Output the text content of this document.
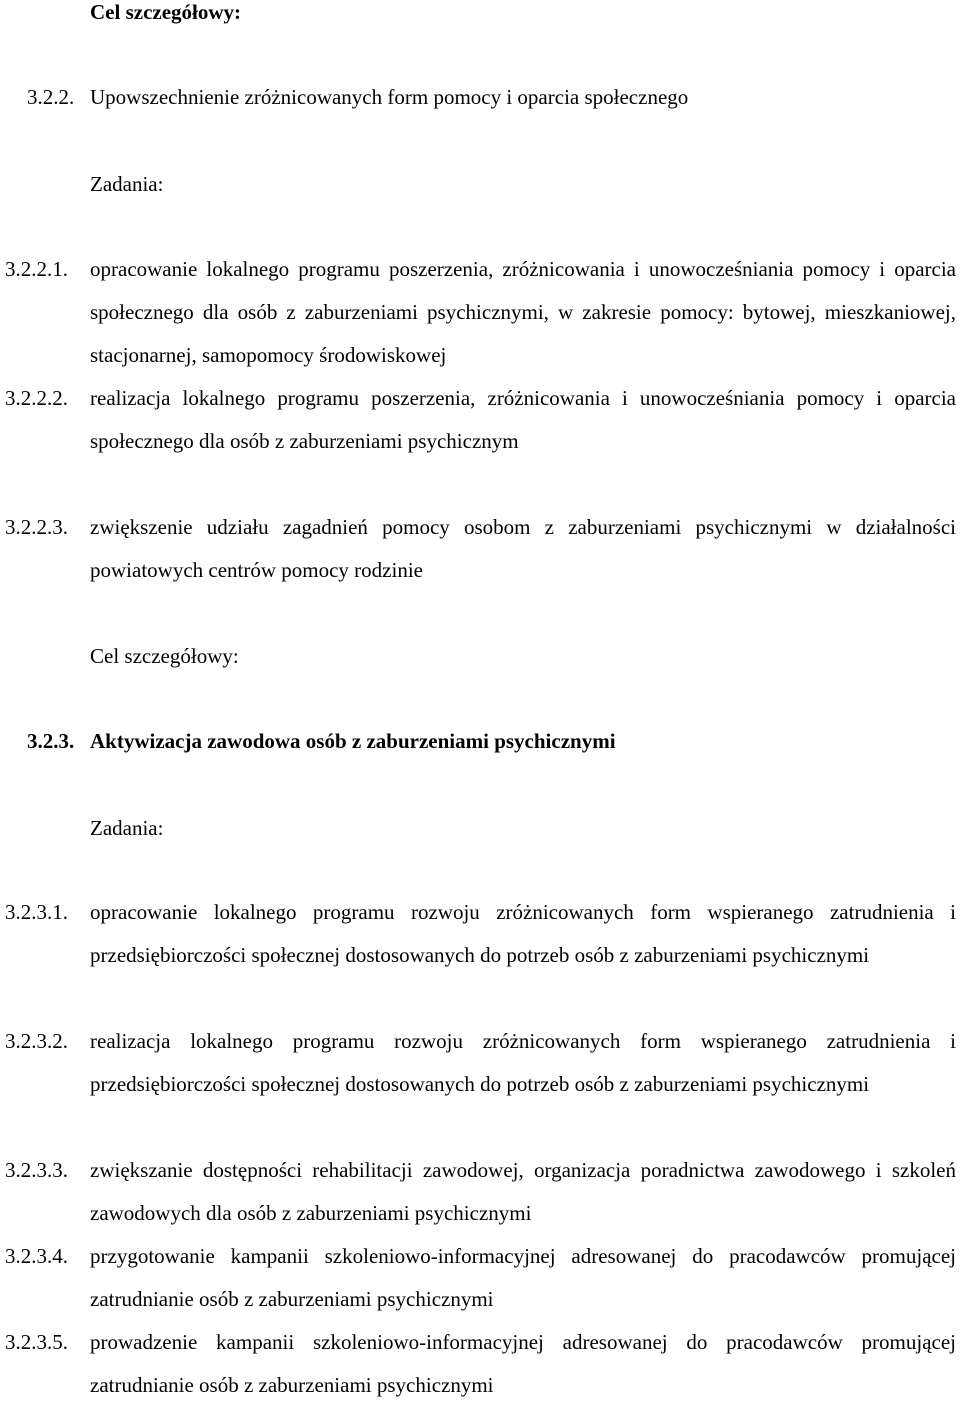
Cel szczegółowy:
3.2.2. Upowszechnienie zróżnicowanych form pomocy i oparcia społecznego
Zadania:
3.2.2.1. opracowanie lokalnego programu poszerzenia, zróżnicowania i unowocześniania pomocy i oparcia społecznego dla osób z zaburzeniami psychicznymi, w zakresie pomocy: bytowej, mieszkaniowej, stacjonarnej, samopomocy środowiskowej
3.2.2.2. realizacja lokalnego programu poszerzenia, zróżnicowania i unowocześniania pomocy i oparcia społecznego dla osób z zaburzeniami psychicznym
3.2.2.3. zwiększenie udziału zagadnień pomocy osobom z zaburzeniami psychicznymi w działalności powiatowych centrów pomocy rodzinie
Cel szczegółowy:
3.2.3. Aktywizacja zawodowa osób z zaburzeniami psychicznymi
Zadania:
3.2.3.1. opracowanie lokalnego programu rozwoju zróżnicowanych form wspieranego zatrudnienia i przedsiębiorczości społecznej dostosowanych do potrzeb osób z zaburzeniami psychicznymi
3.2.3.2. realizacja lokalnego programu rozwoju zróżnicowanych form wspieranego zatrudnienia i przedsiębiorczości społecznej dostosowanych do potrzeb osób z zaburzeniami psychicznymi
3.2.3.3. zwiększanie dostępności rehabilitacji zawodowej, organizacja poradnictwa zawodowego i szkoleń zawodowych dla osób z zaburzeniami psychicznymi
3.2.3.4. przygotowanie kampanii szkoleniowo-informacyjnej adresowanej do pracodawców promującej zatrudnianie osób z zaburzeniami psychicznymi
3.2.3.5. prowadzenie kampanii szkoleniowo-informacyjnej adresowanej do pracodawców promującej zatrudnianie osób z zaburzeniami psychicznymi
